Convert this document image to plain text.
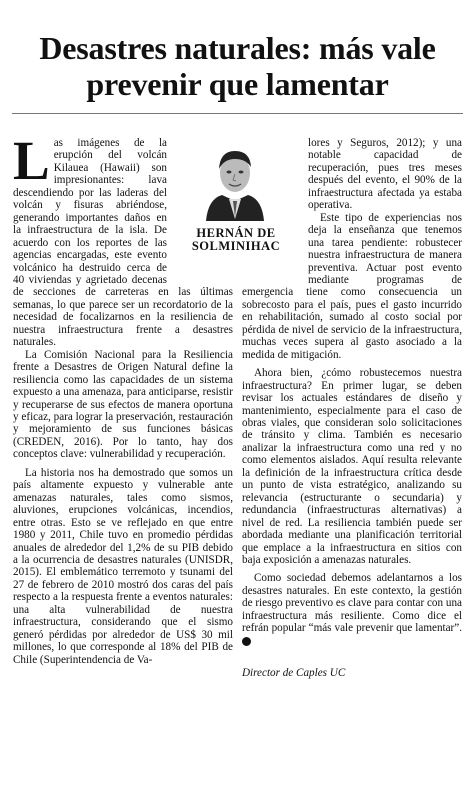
Desastres naturales: más vale prevenir que lamentar

L as imágenes de la erupción del volcán Kilauea (Hawaii) son impresionantes: lava descendiendo por las laderas del volcán y fisuras abriéndose, generando importantes daños en la infraestructura de la isla. De acuerdo con los reportes de las agencias encargadas, este evento volcánico ha destruido cerca de 40 viviendas y agrietado decenas de secciones de carreteras en las últimas semanas, lo que parece ser un recordatorio de la necesidad de focalizarnos en la resiliencia de nuestra infraestructura frente a desastres naturales.

La Comisión Nacional para la Resiliencia frente a Desastres de Origen Natural define la resiliencia como las capacidades de un sistema expuesto a una amenaza, para anticiparse, resistir y recuperarse de sus efectos de manera oportuna y eficaz, para lograr la preservación, restauración y mejoramiento de sus funciones básicas (CREDEN, 2016). Por lo tanto, hay dos conceptos clave: vulnerabilidad y recuperación.

La historia nos ha demostrado que somos un país altamente expuesto y vulnerable ante amenazas naturales, tales como sismos, aluviones, erupciones volcánicas, incendios, entre otras. Esto se ve reflejado en que entre 1980 y 2011, Chile tuvo en promedio pérdidas anuales de alrededor del 1,2% de su PIB debido a la ocurrencia de desastres naturales (UNISDR, 2015). El emblemático terremoto y tsunami del 27 de febrero de 2010 mostró dos caras del país respecto a la respuesta frente a eventos naturales: una alta vulnerabilidad de nuestra infraestructura, considerando que el sismo generó pérdidas por alrededor de US$ 30 mil millones, lo que corresponde al 18% del PIB de Chile (Superintendencia de Va-

HERNÁN DE
SOLMINIHAC

lores y Seguros, 2012); y una notable capacidad de recuperación, pues tres meses después del evento, el 90% de la infraestructura afectada ya estaba operativa.

Este tipo de experiencias nos deja la enseñanza que tenemos una tarea pendiente: robustecer nuestra infraestructura de manera preventiva. Actuar post evento mediante programas de emergencia tiene como consecuencia un sobrecosto para el país, pues el gasto incurrido en rehabilitación, sumado al costo social por pérdida de nivel de servicio de la infraestructura, muchas veces supera al gasto asociado a la medida de mitigación.

Ahora bien, ¿cómo robustecemos nuestra infraestructura? En primer lugar, se deben revisar los actuales estándares de diseño y mantenimiento, especialmente para el caso de obras viales, que consideran solo solicitaciones de tránsito y clima. También es necesario analizar la infraestructura como una red y no como elementos aislados. Aquí resulta relevante la definición de la infraestructura crítica desde un punto de vista estratégico, analizando su relevancia (estructurante o secundaria) y redundancia (infraestructuras alternativas) a nivel de red. La resiliencia también puede ser abordada mediante una planificación territorial que emplace a la infraestructura en sitios con baja exposición a amenazas naturales.

Como sociedad debemos adelantarnos a los desastres naturales. En este contexto, la gestión de riesgo preventivo es clave para contar con una infraestructura más resiliente. Como dice el refrán popular “más vale prevenir que lamentar”. ◉

Director de Caples UC
